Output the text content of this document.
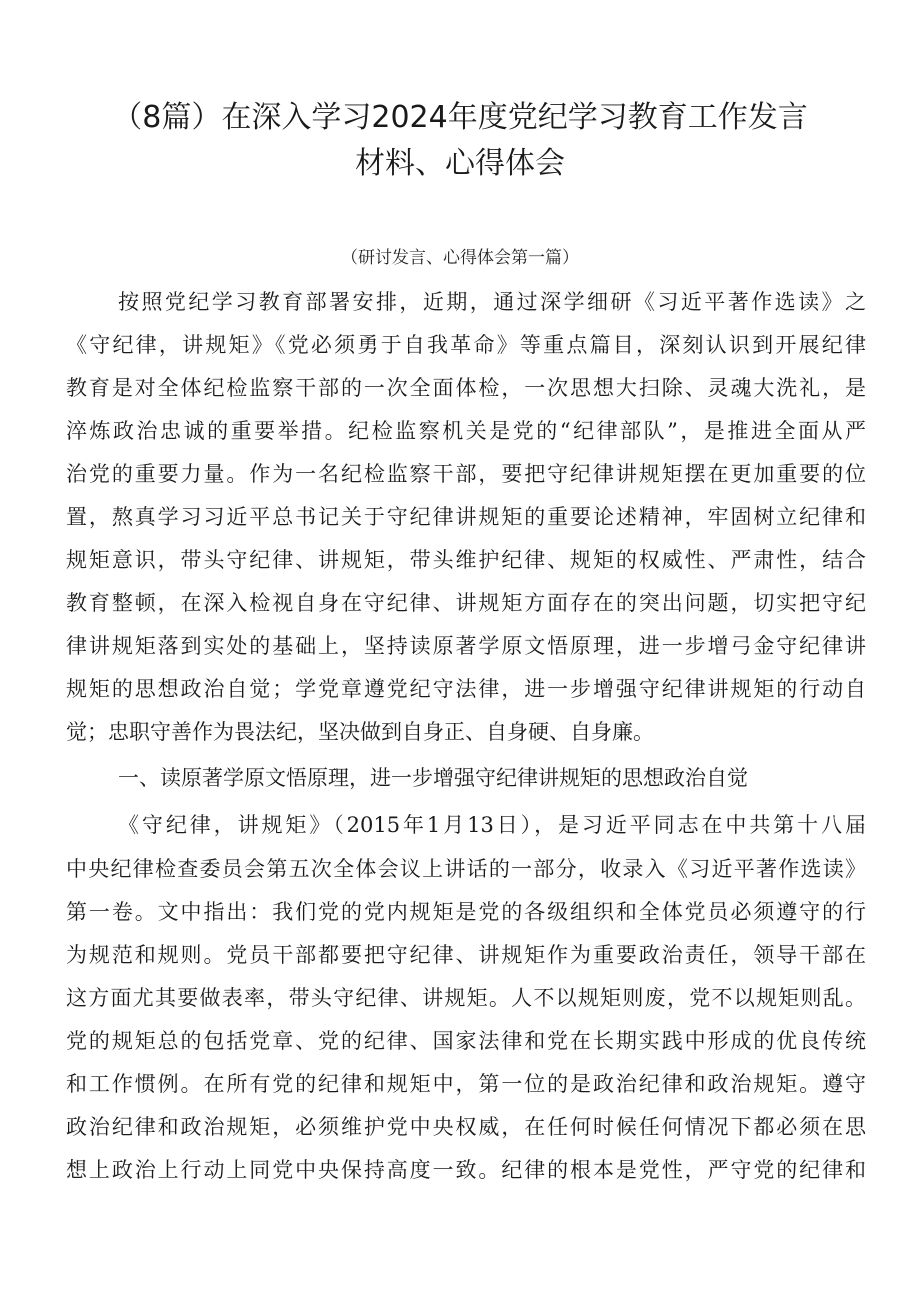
（8篇）在深入学习2024年度党纪学习教育工作发言
材料、心得体会
（研讨发言、心得体会第一篇）
按照党纪学习教育部署安排，近期，通过深学细研《习近平著作选读》之
《守纪律，讲规矩》《党必须勇于自我革命》等重点篇目，深刻认识到开展纪律
教育是对全体纪检监察干部的一次全面体检，一次思想大扫除、灵魂大洗礼，是
淬炼政治忠诚的重要举措。纪检监察机关是党的“纪律部队”，是推进全面从严
治党的重要力量。作为一名纪检监察干部，要把守纪律讲规矩摆在更加重要的位
置，熬真学习习近平总书记关于守纪律讲规矩的重要论述精神，牢固树立纪律和
规矩意识，带头守纪律、讲规矩，带头维护纪律、规矩的权威性、严肃性，结合
教育整顿，在深入检视自身在守纪律、讲规矩方面存在的突出问题，切实把守纪
律讲规矩落到实处的基础上，坚持读原著学原文悟原理，进一步增弓金守纪律讲
规矩的思想政治自觉；学党章遵党纪守法律，进一步增强守纪律讲规矩的行动自
觉；忠职守善作为畏法纪，坚决做到自身正、自身硬、自身廉。
一、读原著学原文悟原理，进一步增强守纪律讲规矩的思想政治自觉
《守纪律，讲规矩》（2015年1月13日），是习近平同志在中共第十八届
中央纪律检查委员会第五次全体会议上讲话的一部分，收录入《习近平著作选读》
第一卷。文中指出：我们党的党内规矩是党的各级组织和全体党员必须遵守的行
为规范和规则。党员干部都要把守纪律、讲规矩作为重要政治责任，领导干部在
这方面尤其要做表率，带头守纪律、讲规矩。人不以规矩则废，党不以规矩则乱。
党的规矩总的包括党章、党的纪律、国家法律和党在长期实践中形成的优良传统
和工作惯例。在所有党的纪律和规矩中，第一位的是政治纪律和政治规矩。遵守
政治纪律和政治规矩，必须维护党中央权威，在任何时候任何情况下都必须在思
想上政治上行动上同党中央保持高度一致。纪律的根本是党性，严守党的纪律和
